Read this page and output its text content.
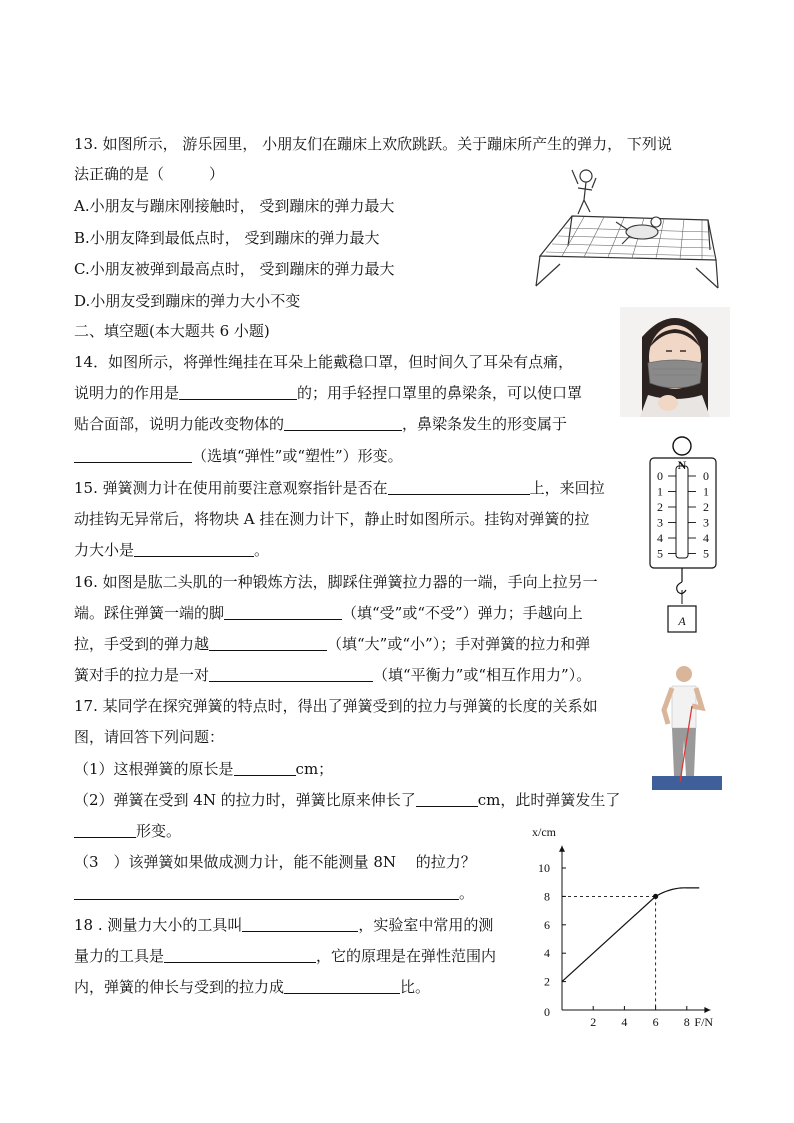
13. 如图所示， 游乐园里， 小朋友们在蹦床上欢欣跳跃。关于蹦床所产生的弹力， 下列说
法正确的是（　　　）
A.小朋友与蹦床刚接触时， 受到蹦床的弹力最大
B.小朋友降到最低点时， 受到蹦床的弹力最大
C.小朋友被弹到最高点时， 受到蹦床的弹力最大
D.小朋友受到蹦床的弹力大小不变
二、填空题(本大题共 6 小题)
14．如图所示，将弹性绳挂在耳朵上能戴稳口罩，但时间久了耳朵有点痛，
说明力的作用是	的；用手轻捏口罩里的鼻梁条，可以使口罩
贴合面部，说明力能改变物体的	，鼻梁条发生的形变属于
（选填“弹性”或“塑性”）形变。
15. 弹簧测力计在使用前要注意观察指针是否在	上，来回拉
动挂钩无异常后，将物块 A 挂在测力计下，静止时如图所示。挂钩对弹簧的拉
力大小是	。
16. 如图是肱二头肌的一种锻炼方法，脚踩住弹簧拉力器的一端，手向上拉另一
端。踩住弹簧一端的脚	（填“受”或“不受”）弹力；手越向上
拉，手受到的弹力越	（填“大”或“小”）；手对弹簧的拉力和弹
簧对手的拉力是一对	（填“平衡力”或“相互作用力”）。
17. 某同学在探究弹簧的特点时，得出了弹簧受到的拉力与弹簧的长度的关系如
图，请回答下列问题：
（1）这根弹簧的原长是	cm；
（2）弹簧在受到 4N 的拉力时，弹簧比原来伸长了	cm，此时弹簧发生了
形变。
（3　）该弹簧如果做成测力计，能不能测量 8N　 的拉力？
。
18 . 测量力大小的工具叫	，实验室中常用的测
量力的工具是	，它的原理是在弹性范围内
内，弹簧的伸长与受到的拉力成	比。
N
0	0
1	1
2	2
3	3
4	4
5	5
A
2 4 6 8
2
4
6
8
10
x/cm
F/N
0
